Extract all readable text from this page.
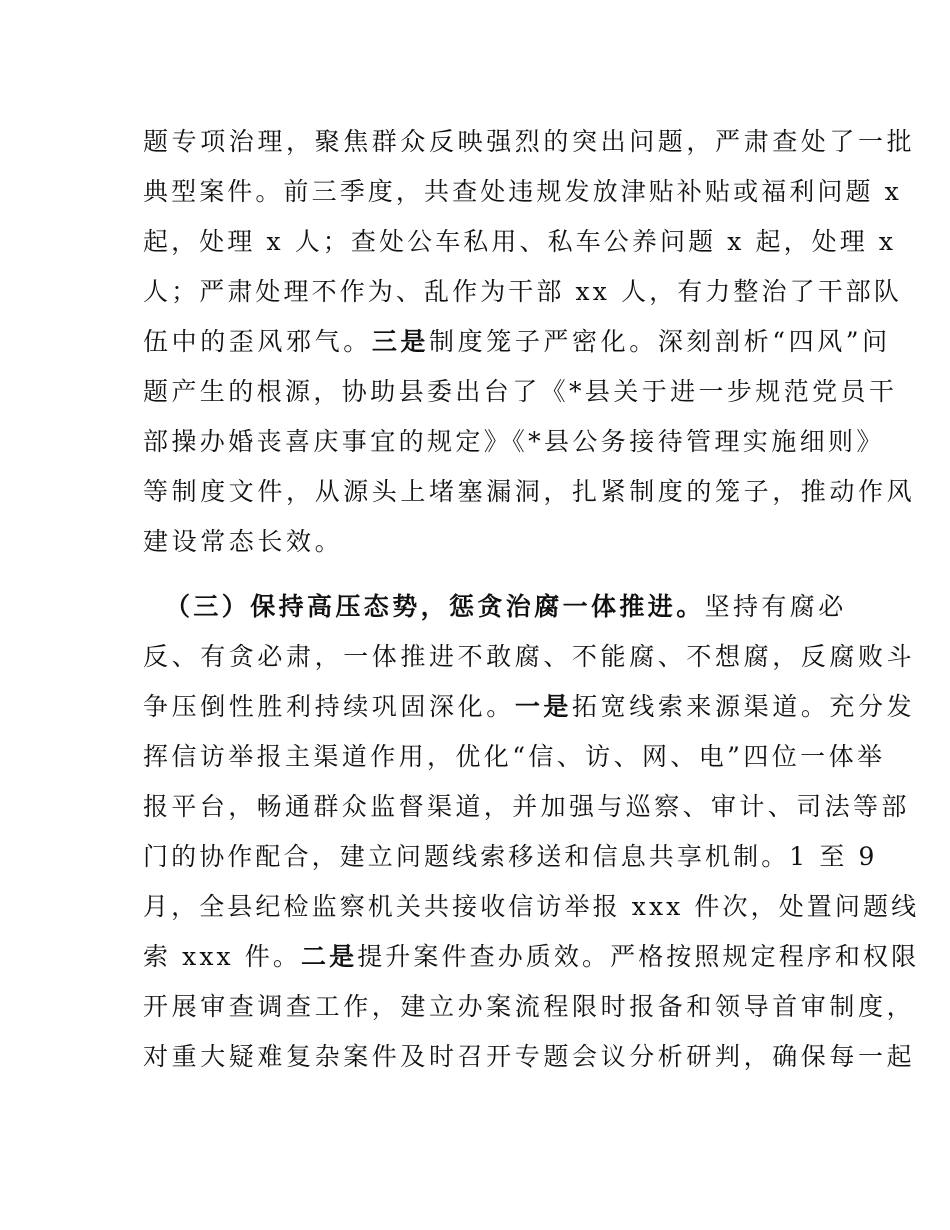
题专项治理，聚焦群众反映强烈的突出问题，严肃查处了一批
典型案件。前三季度，共查处违规发放津贴补贴或福利问题 x
起，处理 x 人；查处公车私用、私车公养问题 x 起，处理 x
人；严肃处理不作为、乱作为干部 xx 人，有力整治了干部队
伍中的歪风邪气。三是制度笼子严密化。深刻剖析“四风”问
题产生的根源，协助县委出台了《*县关于进一步规范党员干
部操办婚丧喜庆事宜的规定》《*县公务接待管理实施细则》
等制度文件，从源头上堵塞漏洞，扎紧制度的笼子，推动作风
建设常态长效。
（三）保持高压态势，惩贪治腐一体推进。坚持有腐必
反、有贪必肃，一体推进不敢腐、不能腐、不想腐，反腐败斗
争压倒性胜利持续巩固深化。一是拓宽线索来源渠道。充分发
挥信访举报主渠道作用，优化“信、访、网、电”四位一体举
报平台，畅通群众监督渠道，并加强与巡察、审计、司法等部
门的协作配合，建立问题线索移送和信息共享机制。1 至 9
月，全县纪检监察机关共接收信访举报 xxx 件次，处置问题线
索 xxx 件。二是提升案件查办质效。严格按照规定程序和权限
开展审查调查工作，建立办案流程限时报备和领导首审制度，
对重大疑难复杂案件及时召开专题会议分析研判，确保每一起
